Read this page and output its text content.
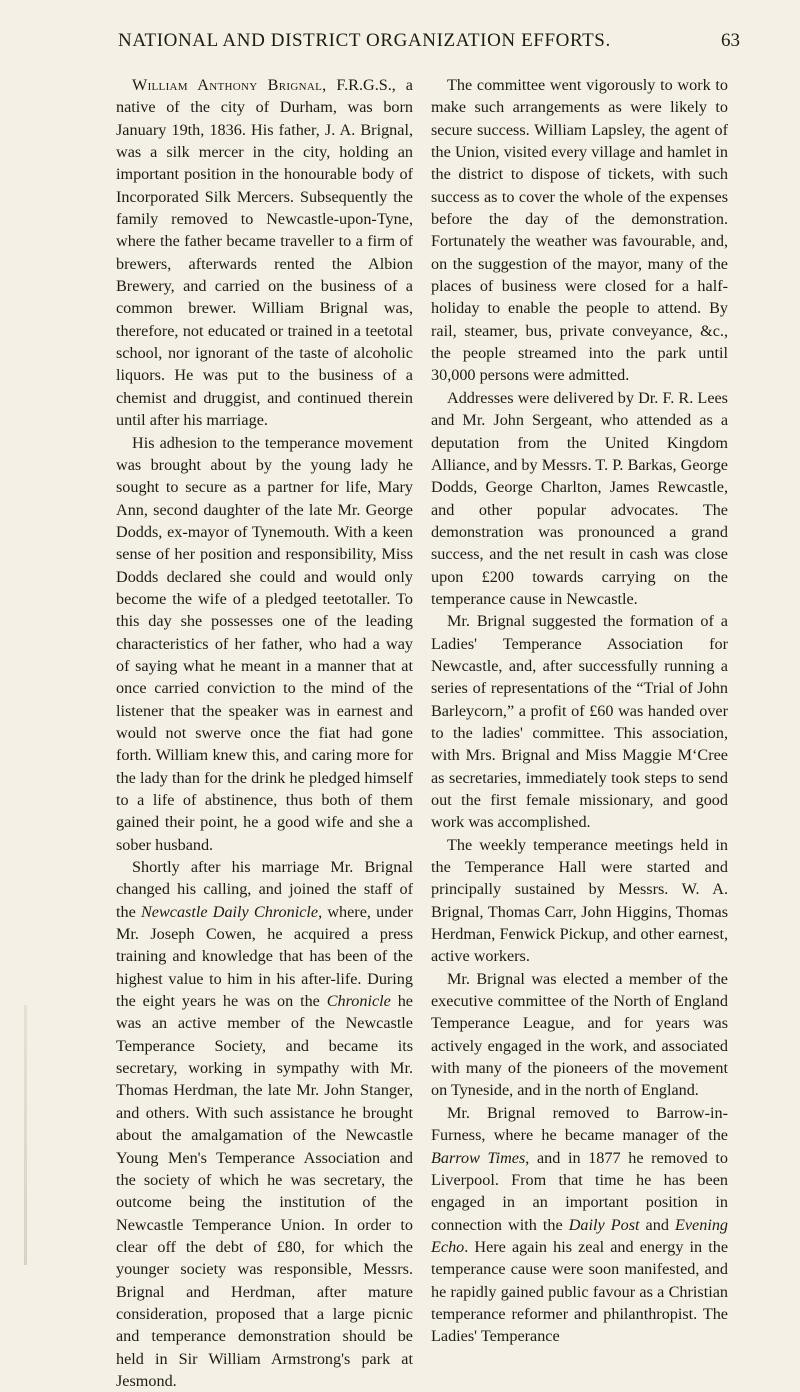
NATIONAL AND DISTRICT ORGANIZATION EFFORTS.	63

William Anthony Brignal, F.R.G.S., a native of the city of Durham, was born January 19th, 1836. His father, J. A. Brignal, was a silk mercer in the city, holding an important position in the honourable body of Incorporated Silk Mercers. Subsequently the family removed to Newcastle-upon-Tyne, where the father became traveller to a firm of brewers, afterwards rented the Albion Brewery, and carried on the business of a common brewer. William Brignal was, therefore, not educated or trained in a teetotal school, nor ignorant of the taste of alcoholic liquors. He was put to the business of a chemist and druggist, and continued therein until after his marriage.

His adhesion to the temperance movement was brought about by the young lady he sought to secure as a partner for life, Mary Ann, second daughter of the late Mr. George Dodds, ex-mayor of Tynemouth. With a keen sense of her position and responsibility, Miss Dodds declared she could and would only become the wife of a pledged teetotaller. To this day she possesses one of the leading characteristics of her father, who had a way of saying what he meant in a manner that at once carried conviction to the mind of the listener that the speaker was in earnest and would not swerve once the fiat had gone forth. William knew this, and caring more for the lady than for the drink he pledged himself to a life of abstinence, thus both of them gained their point, he a good wife and she a sober husband.

Shortly after his marriage Mr. Brignal changed his calling, and joined the staff of the Newcastle Daily Chronicle, where, under Mr. Joseph Cowen, he acquired a press training and knowledge that has been of the highest value to him in his after-life. During the eight years he was on the Chronicle he was an active member of the Newcastle Temperance Society, and became its secretary, working in sympathy with Mr. Thomas Herdman, the late Mr. John Stanger, and others. With such assistance he brought about the amalgamation of the Newcastle Young Men's Temperance Association and the society of which he was secretary, the outcome being the institution of the Newcastle Temperance Union. In order to clear off the debt of £80, for which the younger society was responsible, Messrs. Brignal and Herdman, after mature consideration, proposed that a large picnic and temperance demonstration should be held in Sir William Armstrong's park at Jesmond.

The committee went vigorously to work to make such arrangements as were likely to secure success. William Lapsley, the agent of the Union, visited every village and hamlet in the district to dispose of tickets, with such success as to cover the whole of the expenses before the day of the demonstration. Fortunately the weather was favourable, and, on the suggestion of the mayor, many of the places of business were closed for a half-holiday to enable the people to attend. By rail, steamer, bus, private conveyance, &c., the people streamed into the park until 30,000 persons were admitted.

Addresses were delivered by Dr. F. R. Lees and Mr. John Sergeant, who attended as a deputation from the United Kingdom Alliance, and by Messrs. T. P. Barkas, George Dodds, George Charlton, James Rewcastle, and other popular advocates. The demonstration was pronounced a grand success, and the net result in cash was close upon £200 towards carrying on the temperance cause in Newcastle.

Mr. Brignal suggested the formation of a Ladies' Temperance Association for Newcastle, and, after successfully running a series of representations of the “Trial of John Barleycorn,” a profit of £60 was handed over to the ladies' committee. This association, with Mrs. Brignal and Miss Maggie M‘Cree as secretaries, immediately took steps to send out the first female missionary, and good work was accomplished.

The weekly temperance meetings held in the Temperance Hall were started and principally sustained by Messrs. W. A. Brignal, Thomas Carr, John Higgins, Thomas Herdman, Fenwick Pickup, and other earnest, active workers.

Mr. Brignal was elected a member of the executive committee of the North of England Temperance League, and for years was actively engaged in the work, and associated with many of the pioneers of the movement on Tyneside, and in the north of England.

Mr. Brignal removed to Barrow-in-Furness, where he became manager of the Barrow Times, and in 1877 he removed to Liverpool. From that time he has been engaged in an important position in connection with the Daily Post and Evening Echo. Here again his zeal and energy in the temperance cause were soon manifested, and he rapidly gained public favour as a Christian temperance reformer and philanthropist. The Ladies' Temperance
